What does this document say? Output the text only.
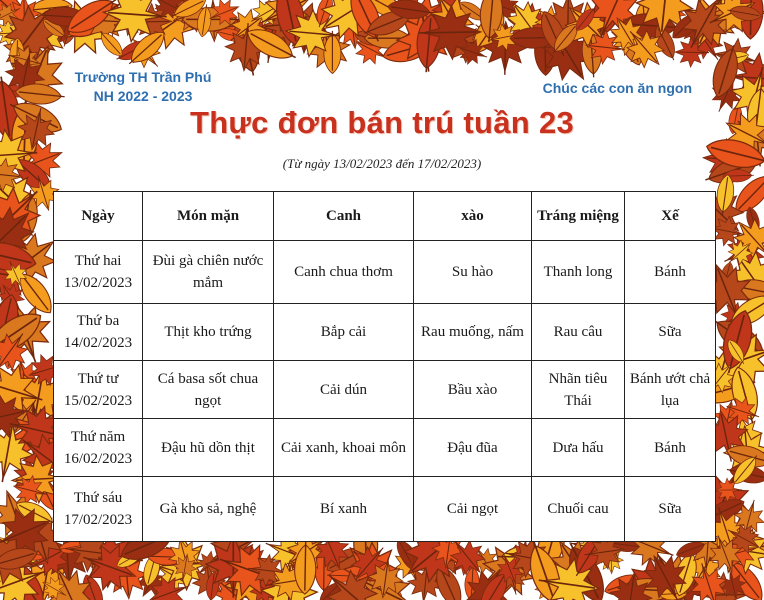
Trường TH Trần Phú
NH 2022 - 2023	Chúc các con ăn ngon
Thực đơn bán trú tuần 23
(Từ ngày 13/02/2023 đến 17/02/2023)
Ngày	Món mặn	Canh	xào	Tráng miệng	Xế

Thứ hai
13/02/2023	Đùi gà chiên nước mắm	Canh chua thơm	Su hào	Thanh long	Bánh

Thứ ba
14/02/2023	Thịt kho trứng	Bắp cải	Rau muống, nấm	Rau câu	Sữa

Thứ tư
15/02/2023	Cá basa sốt chua ngọt	Cải dún	Bầu xào	Nhãn tiêu Thái	Bánh ướt chả lụa

Thứ năm
16/02/2023	Đậu hũ dồn thịt	Cải xanh, khoai môn	Đậu đũa	Dưa hấu	Bánh

Thứ sáu
17/02/2023	Gà kho sả, nghệ	Bí xanh	Cải ngọt	Chuối cau	Sữa
